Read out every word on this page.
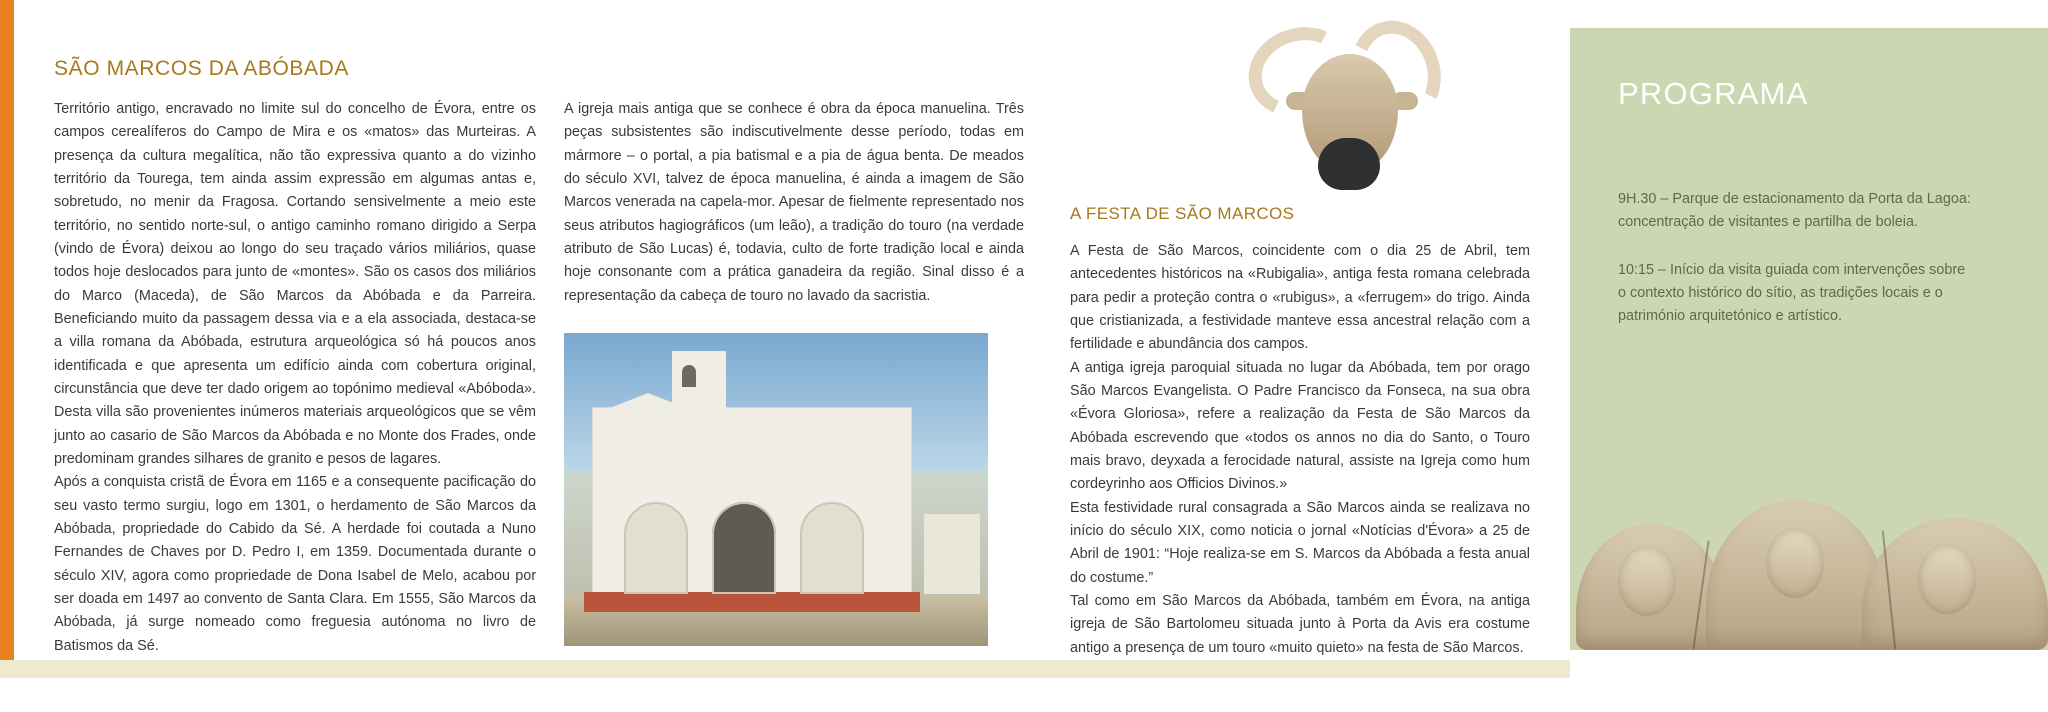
SÃO MARCOS DA ABÓBADA

Território antigo, encravado no limite sul do concelho de Évora, entre os campos cerealíferos do Campo de Mira e os «matos» das Murteiras. A presença da cultura megalítica, não tão expressiva quanto a do vizinho território da Tourega, tem ainda assim expressão em algumas antas e, sobretudo, no menir da Fragosa. Cortando sensivelmente a meio este território, no sentido norte-sul, o antigo caminho romano dirigido a Serpa (vindo de Évora) deixou ao longo do seu traçado vários miliários, quase todos hoje deslocados para junto de «montes». São os casos dos miliários do Marco (Maceda), de São Marcos da Abóbada e da Parreira. Beneficiando muito da passagem dessa via e a ela associada, destaca-se a villa romana da Abóbada, estrutura arqueológica só há poucos anos identificada e que apresenta um edifício ainda com cobertura original, circunstância que deve ter dado origem ao topónimo medieval «Abóboda». Desta villa são provenientes inúmeros materiais arqueológicos que se vêm junto ao casario de São Marcos da Abóbada e no Monte dos Frades, onde predominam grandes silhares de granito e pesos de lagares.

Após a conquista cristã de Évora em 1165 e a consequente pacificação do seu vasto termo surgiu, logo em 1301, o herdamento de São Marcos da Abóbada, propriedade do Cabido da Sé. A herdade foi coutada a Nuno Fernandes de Chaves por D. Pedro I, em 1359. Documentada durante o século XIV, agora como propriedade de Dona Isabel de Melo, acabou por ser doada em 1497 ao convento de Santa Clara. Em 1555, São Marcos da Abóbada, já surge nomeado como freguesia autónoma no livro de Batismos da Sé.

A igreja mais antiga que se conhece é obra da época manuelina. Três peças subsistentes são indiscutivelmente desse período, todas em mármore – o portal, a pia batismal e a pia de água benta. De meados do século XVI, talvez de época manuelina, é ainda a imagem de São Marcos venerada na capela-mor. Apesar de fielmente representado nos seus atributos hagiográficos (um leão), a tradição do touro (na verdade atributo de São Lucas) é, todavia, culto de forte tradição local e ainda hoje consonante com a prática ganadeira da região. Sinal disso é a representação da cabeça de touro no lavado da sacristia.

A FESTA DE SÃO MARCOS

A Festa de São Marcos, coincidente com o dia 25 de Abril, tem antecedentes históricos na «Rubigalia», antiga festa romana celebrada para pedir a proteção contra o «rubigus», a «ferrugem» do trigo. Ainda que cristianizada, a festividade manteve essa ancestral relação com a fertilidade e abundância dos campos.

A antiga igreja paroquial situada no lugar da Abóbada, tem por orago São Marcos Evangelista. O Padre Francisco da Fonseca, na sua obra «Évora Gloriosa», refere a realização da Festa de São Marcos da Abóbada escrevendo que «todos os annos no dia do Santo, o Touro mais bravo, deyxada a ferocidade natural, assiste na Igreja como hum cordeyrinho aos Officios Divinos.»

Esta festividade rural consagrada a São Marcos ainda se realizava no início do século XIX, como noticia o jornal «Notícias d'Évora» a 25 de Abril de 1901: “Hoje realiza-se em S. Marcos da Abóbada a festa anual do costume.”

Tal como em São Marcos da Abóbada, também em Évora, na antiga igreja de São Bartolomeu situada junto à Porta da Avis era costume antigo a presença de um touro «muito quieto» na festa de São Marcos.

PROGRAMA

9H.30 – Parque de estacionamento da Porta da Lagoa: concentração de visitantes e partilha de boleia.

10:15 – Início da visita guiada com intervenções sobre o contexto histórico do sítio, as tradições locais e o património arquitetónico e artístico.
